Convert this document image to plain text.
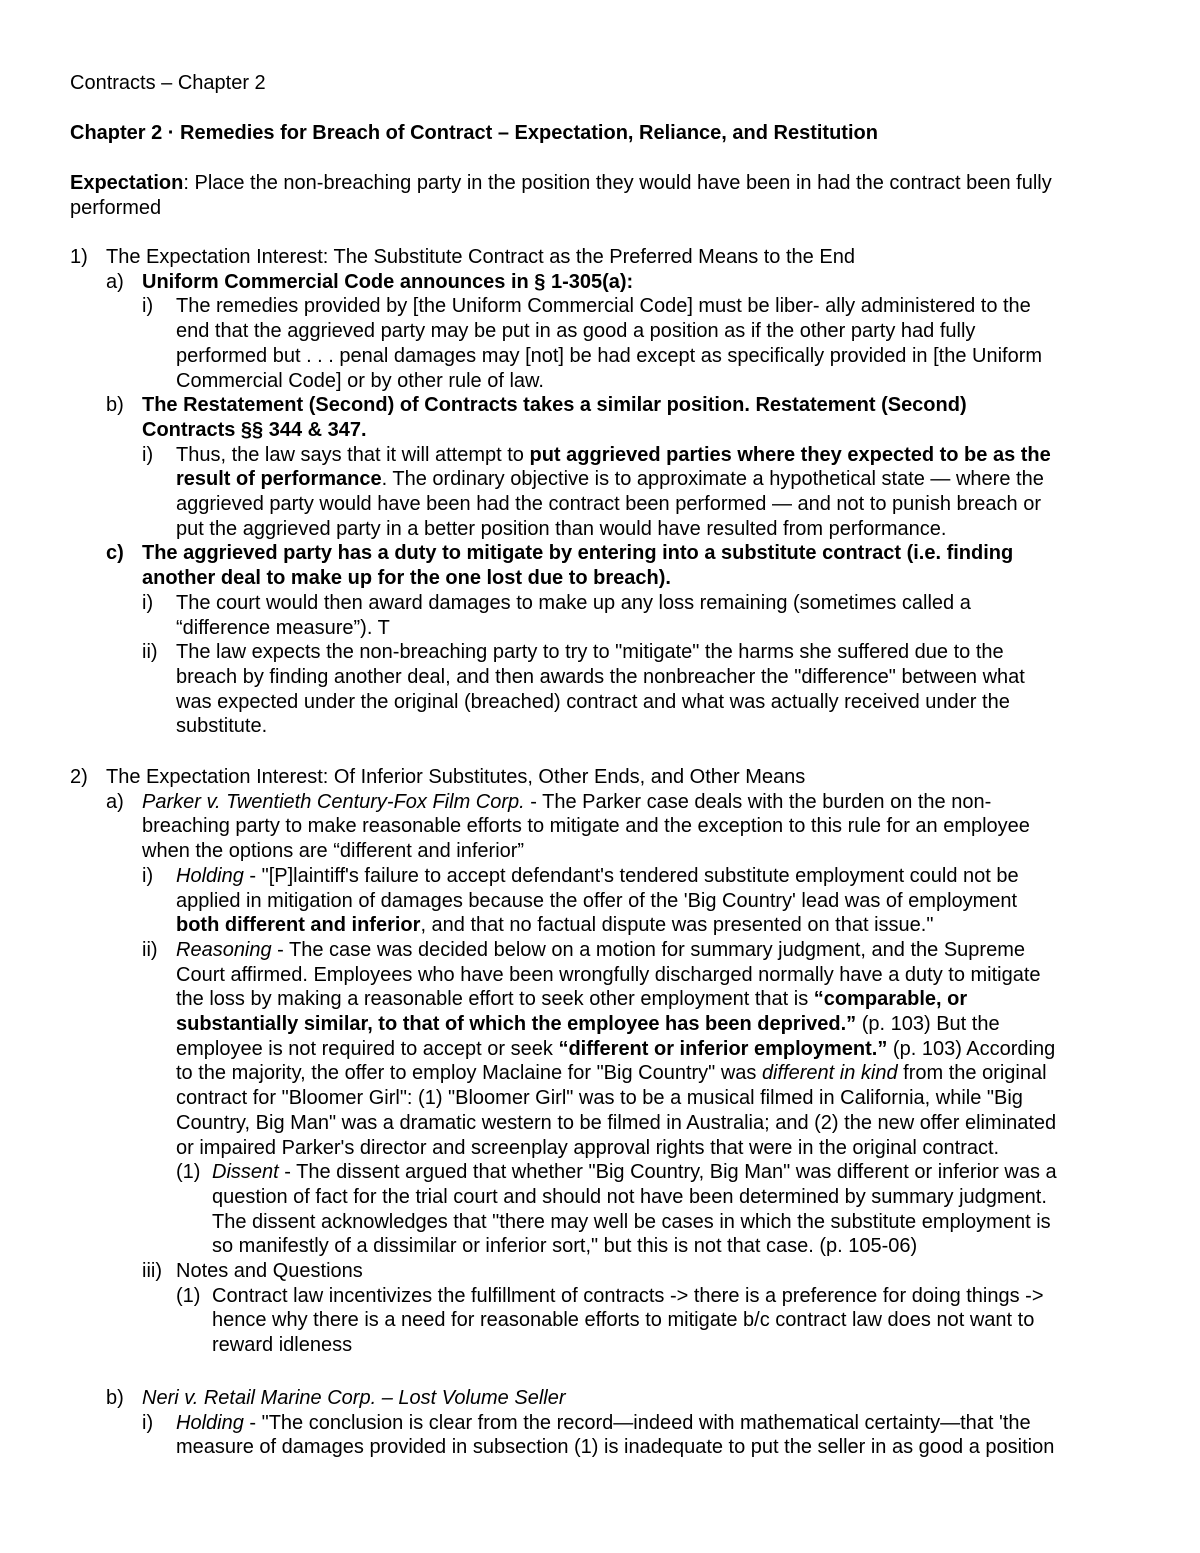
Contracts – Chapter 2
Chapter 2 · Remedies for Breach of Contract – Expectation, Reliance, and Restitution
Expectation: Place the non-breaching party in the position they would have been in had the contract been fully
performed
1) The Expectation Interest: The Substitute Contract as the Preferred Means to the End

a) Uniform Commercial Code announces in § 1-305(a):

i) The remedies provided by [the Uniform Commercial Code] must be liber- ally administered to the
end that the aggrieved party may be put in as good a position as if the other party had fully
performed but . . . penal damages may [not] be had except as specifically provided in [the Uniform
Commercial Code] or by other rule of law.
b) The Restatement (Second) of Contracts takes a similar position. Restatement (Second)
Contracts §§ 344 & 347.
i) Thus, the law says that it will attempt to put aggrieved parties where they expected to be as the
result of performance. The ordinary objective is to approximate a hypothetical state — where the
aggrieved party would have been had the contract been performed — and not to punish breach or
put the aggrieved party in a better position than would have resulted from performance.
c) The aggrieved party has a duty to mitigate by entering into a substitute contract (i.e. finding
another deal to make up for the one lost due to breach).
i) The court would then award damages to make up any loss remaining (sometimes called a
“difference measure”). T
ii) The law expects the non-breaching party to try to "mitigate" the harms she suffered due to the
breach by finding another deal, and then awards the nonbreacher the "difference" between what
was expected under the original (breached) contract and what was actually received under the
substitute.
2) The Expectation Interest: Of Inferior Substitutes, Other Ends, and Other Means

a) Parker v. Twentieth Century-Fox Film Corp. - The Parker case deals with the burden on the non-
breaching party to make reasonable efforts to mitigate and the exception to this rule for an employee
when the options are “different and inferior”
i) Holding - "[P]laintiff's failure to accept defendant's tendered substitute employment could not be
applied in mitigation of damages because the offer of the 'Big Country' lead was of employment
both different and inferior, and that no factual dispute was presented on that issue."
ii) Reasoning - The case was decided below on a motion for summary judgment, and the Supreme
Court affirmed. Employees who have been wrongfully discharged normally have a duty to mitigate
the loss by making a reasonable effort to seek other employment that is “comparable, or
substantially similar, to that of which the employee has been deprived.” (p. 103) But the
employee is not required to accept or seek “different or inferior employment.” (p. 103) According
to the majority, the offer to employ Maclaine for "Big Country" was different in kind from the original
contract for "Bloomer Girl": (1) "Bloomer Girl" was to be a musical filmed in California, while "Big
Country, Big Man" was a dramatic western to be filmed in Australia; and (2) the new offer eliminated
or impaired Parker's director and screenplay approval rights that were in the original contract.
(1) Dissent - The dissent argued that whether "Big Country, Big Man" was different or inferior was a
question of fact for the trial court and should not have been determined by summary judgment.
The dissent acknowledges that "there may well be cases in which the substitute employment is
so manifestly of a dissimilar or inferior sort," but this is not that case. (p. 105-06)
iii) Notes and Questions
(1) Contract law incentivizes the fulfillment of contracts -> there is a preference for doing things ->
hence why there is a need for reasonable efforts to mitigate b/c contract law does not want to
reward idleness
b) Neri v. Retail Marine Corp. – Lost Volume Seller

i) Holding - "The conclusion is clear from the record—indeed with mathematical certainty—that 'the
measure of damages provided in subsection (1) is inadequate to put the seller in as good a position
